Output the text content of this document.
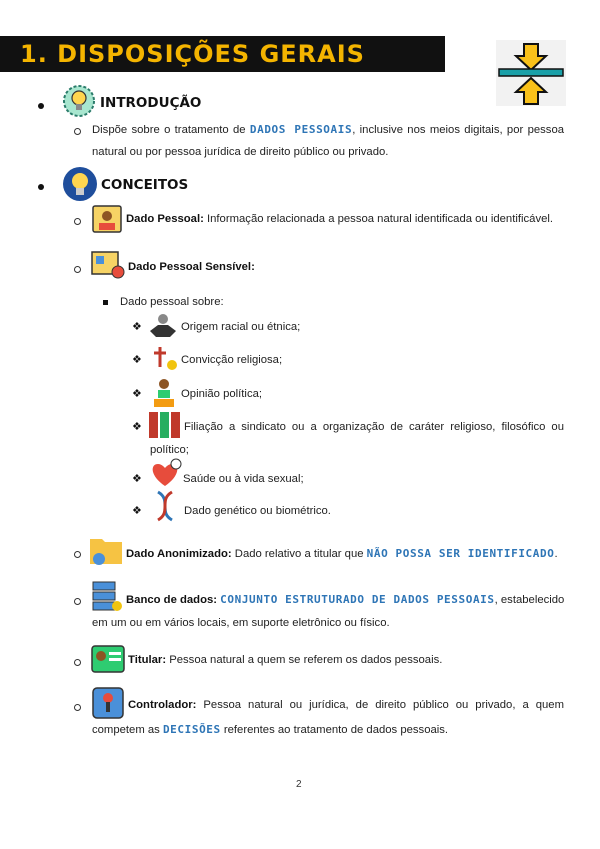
1. DISPOSIÇÕES GERAIS
INTRODUÇÃO
Dispõe sobre o tratamento de DADOS PESSOAIS, inclusive nos meios digitais, por pessoa
natural ou por pessoa jurídica de direito público ou privado.
CONCEITOS
Dado Pessoal: Informação relacionada a pessoa natural identificada ou identificável.
Dado Pessoal Sensível:
Dado pessoal sobre:
❖	Origem racial ou étnica;
❖	Convicção religiosa;
❖	Opinião política;
❖	Filiação a sindicato ou a organização de caráter religioso, filosófico ou
político;
❖	Saúde ou à vida sexual;
❖	Dado genético ou biométrico.
Dado Anonimizado: Dado relativo a titular que NÃO POSSA SER IDENTIFICADO.
Banco de dados: CONJUNTO ESTRUTURADO DE DADOS PESSOAIS, estabelecido
em um ou em vários locais, em suporte eletrônico ou físico.
Titular: Pessoa natural a quem se referem os dados pessoais.
Controlador: Pessoa natural ou jurídica, de direito público ou privado, a quem
competem as DECISÕES referentes ao tratamento de dados pessoais.
2
